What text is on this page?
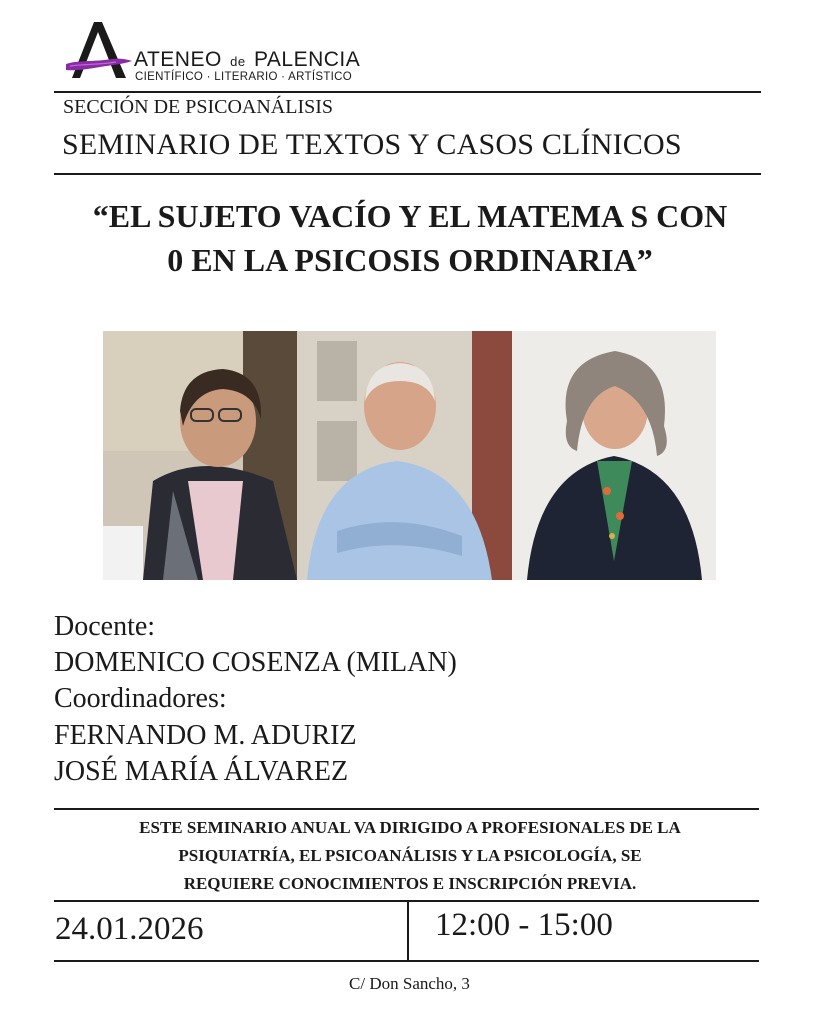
ATENEO de PALENCIA
CIENTÍFICO · LITERARIO · ARTÍSTICO
SECCIÓN DE PSICOANÁLISIS
SEMINARIO DE TEXTOS Y CASOS CLÍNICOS
“EL SUJETO VACÍO Y EL MATEMA S CON
0 EN LA PSICOSIS ORDINARIA”
Docente:
DOMENICO COSENZA (MILAN)
Coordinadores:
FERNANDO M. ADURIZ
JOSÉ MARÍA ÁLVAREZ
ESTE SEMINARIO ANUAL VA DIRIGIDO A PROFESIONALES DE LA
PSIQUIATRÍA, EL PSICOANÁLISIS Y LA PSICOLOGÍA, SE
REQUIERE CONOCIMIENTOS E INSCRIPCIÓN PREVIA.
24.01.2026	12:00 - 15:00
C/ Don Sancho, 3
